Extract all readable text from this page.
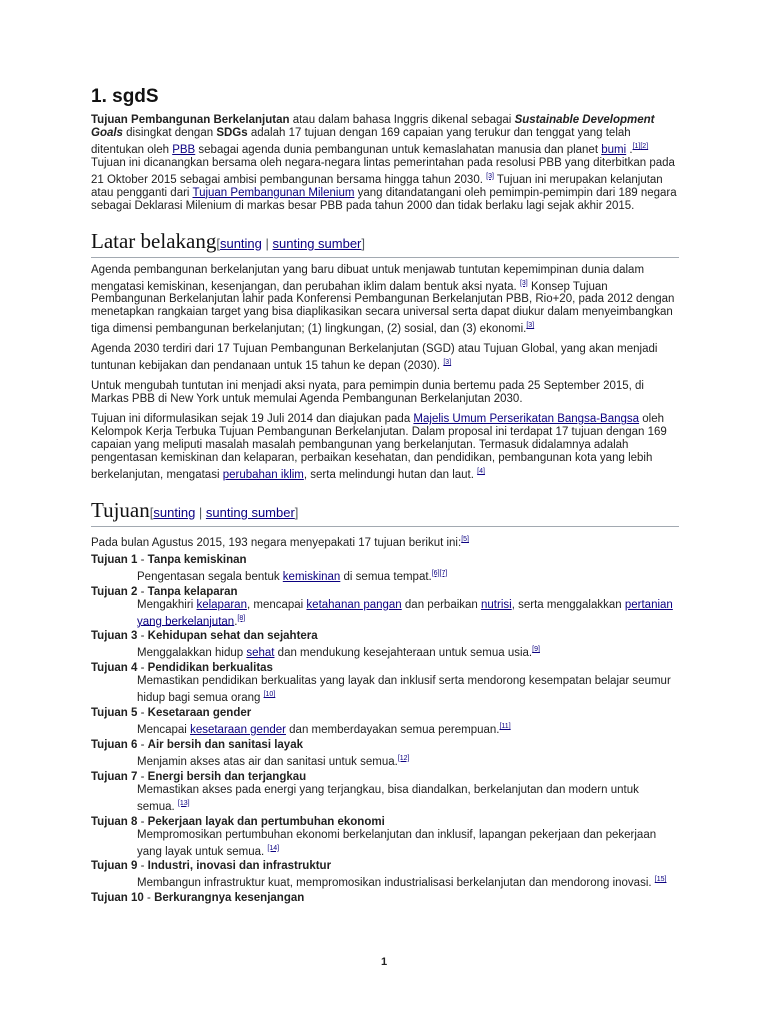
1. sgdS

Tujuan Pembangunan Berkelanjutan atau dalam bahasa Inggris dikenal sebagai Sustainable Development Goals disingkat dengan SDGs adalah 17 tujuan dengan 169 capaian yang terukur dan tenggat yang telah ditentukan oleh PBB sebagai agenda dunia pembangunan untuk kemaslahatan manusia dan planet bumi .[1][2] Tujuan ini dicanangkan bersama oleh negara-negara lintas pemerintahan pada resolusi PBB yang diterbitkan pada 21 Oktober 2015 sebagai ambisi pembangunan bersama hingga tahun 2030. [3] Tujuan ini merupakan kelanjutan atau pengganti dari Tujuan Pembangunan Milenium yang ditandatangani oleh pemimpin-pemimpin dari 189 negara sebagai Deklarasi Milenium di markas besar PBB pada tahun 2000 dan tidak berlaku lagi sejak akhir 2015.

Latar belakang[sunting | sunting sumber]

Agenda pembangunan berkelanjutan yang baru dibuat untuk menjawab tuntutan kepemimpinan dunia dalam mengatasi kemiskinan, kesenjangan, dan perubahan iklim dalam bentuk aksi nyata. [3] Konsep Tujuan Pembangunan Berkelanjutan lahir pada Konferensi Pembangunan Berkelanjutan PBB, Rio+20, pada 2012 dengan menetapkan rangkaian target yang bisa diaplikasikan secara universal serta dapat diukur dalam menyeimbangkan tiga dimensi pembangunan berkelanjutan; (1) lingkungan, (2) sosial, dan (3) ekonomi.[3]

Agenda 2030 terdiri dari 17 Tujuan Pembangunan Berkelanjutan (SGD) atau Tujuan Global, yang akan menjadi tuntunan kebijakan dan pendanaan untuk 15 tahun ke depan (2030). [3]

Untuk mengubah tuntutan ini menjadi aksi nyata, para pemimpin dunia bertemu pada 25 September 2015, di Markas PBB di New York untuk memulai Agenda Pembangunan Berkelanjutan 2030.

Tujuan ini diformulasikan sejak 19 Juli 2014 dan diajukan pada Majelis Umum Perserikatan Bangsa-Bangsa oleh Kelompok Kerja Terbuka Tujuan Pembangunan Berkelanjutan. Dalam proposal ini terdapat 17 tujuan dengan 169 capaian yang meliputi masalah masalah pembangunan yang berkelanjutan. Termasuk didalamnya adalah pengentasan kemiskinan dan kelaparan, perbaikan kesehatan, dan pendidikan, pembangunan kota yang lebih berkelanjutan, mengatasi perubahan iklim, serta melindungi hutan dan laut. [4]

Tujuan[sunting | sunting sumber]

Pada bulan Agustus 2015, 193 negara menyepakati 17 tujuan berikut ini:[5]

Tujuan 1 - Tanpa kemiskinan
Pengentasan segala bentuk kemiskinan di semua tempat.[6][7]
Tujuan 2 - Tanpa kelaparan
Mengakhiri kelaparan, mencapai ketahanan pangan dan perbaikan nutrisi, serta menggalakkan pertanian yang berkelanjutan.[8]
Tujuan 3 - Kehidupan sehat dan sejahtera
Menggalakkan hidup sehat dan mendukung kesejahteraan untuk semua usia.[9]
Tujuan 4 - Pendidikan berkualitas
Memastikan pendidikan berkualitas yang layak dan inklusif serta mendorong kesempatan belajar seumur hidup bagi semua orang [10]
Tujuan 5 - Kesetaraan gender
Mencapai kesetaraan gender dan memberdayakan semua perempuan.[11]
Tujuan 6 - Air bersih dan sanitasi layak
Menjamin akses atas air dan sanitasi untuk semua.[12]
Tujuan 7 - Energi bersih dan terjangkau
Memastikan akses pada energi yang terjangkau, bisa diandalkan, berkelanjutan dan modern untuk semua. [13]
Tujuan 8 - Pekerjaan layak dan pertumbuhan ekonomi
Mempromosikan pertumbuhan ekonomi berkelanjutan dan inklusif, lapangan pekerjaan dan pekerjaan yang layak untuk semua. [14]
Tujuan 9 - Industri, inovasi dan infrastruktur
Membangun infrastruktur kuat, mempromosikan industrialisasi berkelanjutan dan mendorong inovasi. [15]
Tujuan 10 - Berkurangnya kesenjangan
1
